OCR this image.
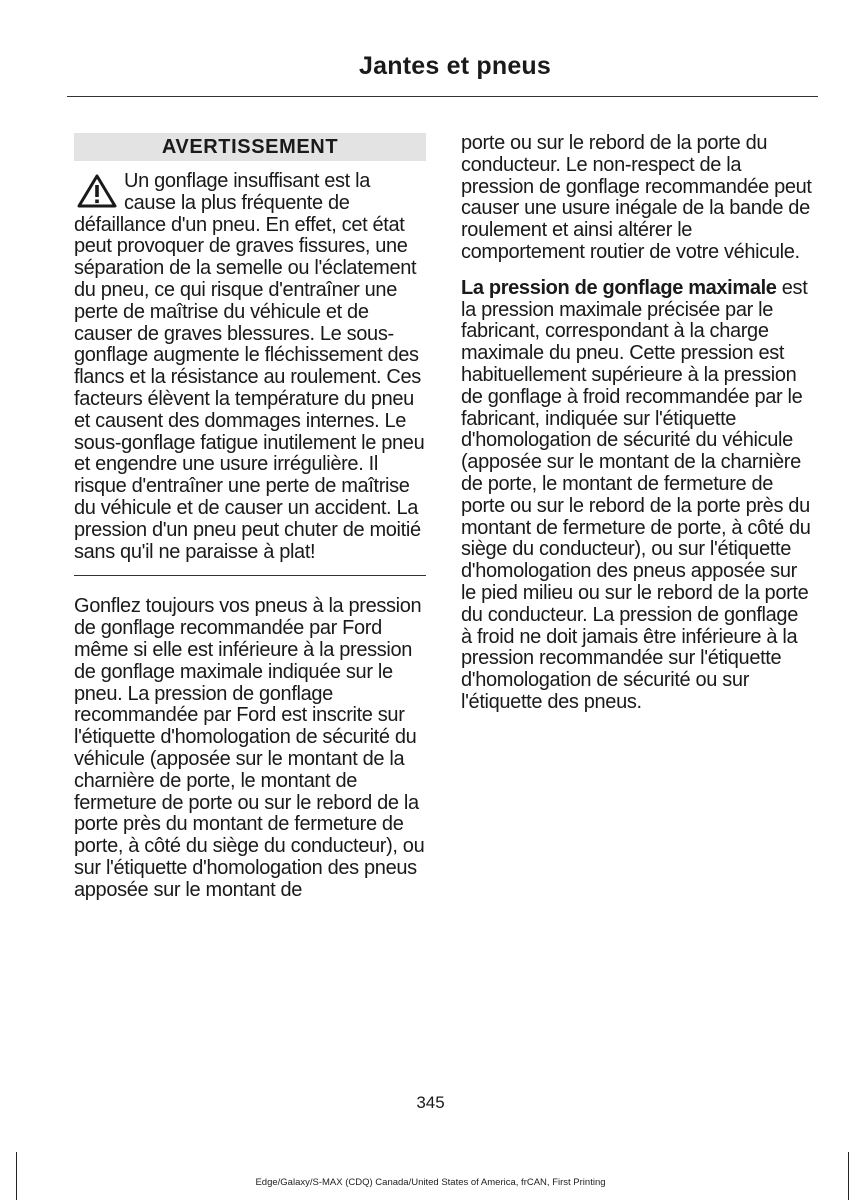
Jantes et pneus
AVERTISSEMENT
Un gonflage insuffisant est la cause la plus fréquente de défaillance d'un pneu. En effet, cet état peut provoquer de graves fissures, une séparation de la semelle ou l'éclatement du pneu, ce qui risque d'entraîner une perte de maîtrise du véhicule et de causer de graves blessures. Le sous-gonflage augmente le fléchissement des flancs et la résistance au roulement. Ces facteurs élèvent la température du pneu et causent des dommages internes. Le sous-gonflage fatigue inutilement le pneu et engendre une usure irrégulière. Il risque d'entraîner une perte de maîtrise du véhicule et de causer un accident. La pression d'un pneu peut chuter de moitié sans qu'il ne paraisse à plat!

Gonflez toujours vos pneus à la pression de gonflage recommandée par Ford même si elle est inférieure à la pression de gonflage maximale indiquée sur le pneu. La pression de gonflage recommandée par Ford est inscrite sur l'étiquette d'homologation de sécurité du véhicule (apposée sur le montant de la charnière de porte, le montant de fermeture de porte ou sur le rebord de la porte près du montant de fermeture de porte, à côté du siège du conducteur), ou sur l'étiquette d'homologation des pneus apposée sur le montant de

porte ou sur le rebord de la porte du conducteur. Le non-respect de la pression de gonflage recommandée peut causer une usure inégale de la bande de roulement et ainsi altérer le comportement routier de votre véhicule.

La pression de gonflage maximale est la pression maximale précisée par le fabricant, correspondant à la charge maximale du pneu. Cette pression est habituellement supérieure à la pression de gonflage à froid recommandée par le fabricant, indiquée sur l'étiquette d'homologation de sécurité du véhicule (apposée sur le montant de la charnière de porte, le montant de fermeture de porte ou sur le rebord de la porte près du montant de fermeture de porte, à côté du siège du conducteur), ou sur l'étiquette d'homologation des pneus apposée sur le pied milieu ou sur le rebord de la porte du conducteur. La pression de gonflage à froid ne doit jamais être inférieure à la pression recommandée sur l'étiquette d'homologation de sécurité ou sur l'étiquette des pneus.

345
Edge/Galaxy/S-MAX (CDQ) Canada/United States of America, frCAN, First Printing
